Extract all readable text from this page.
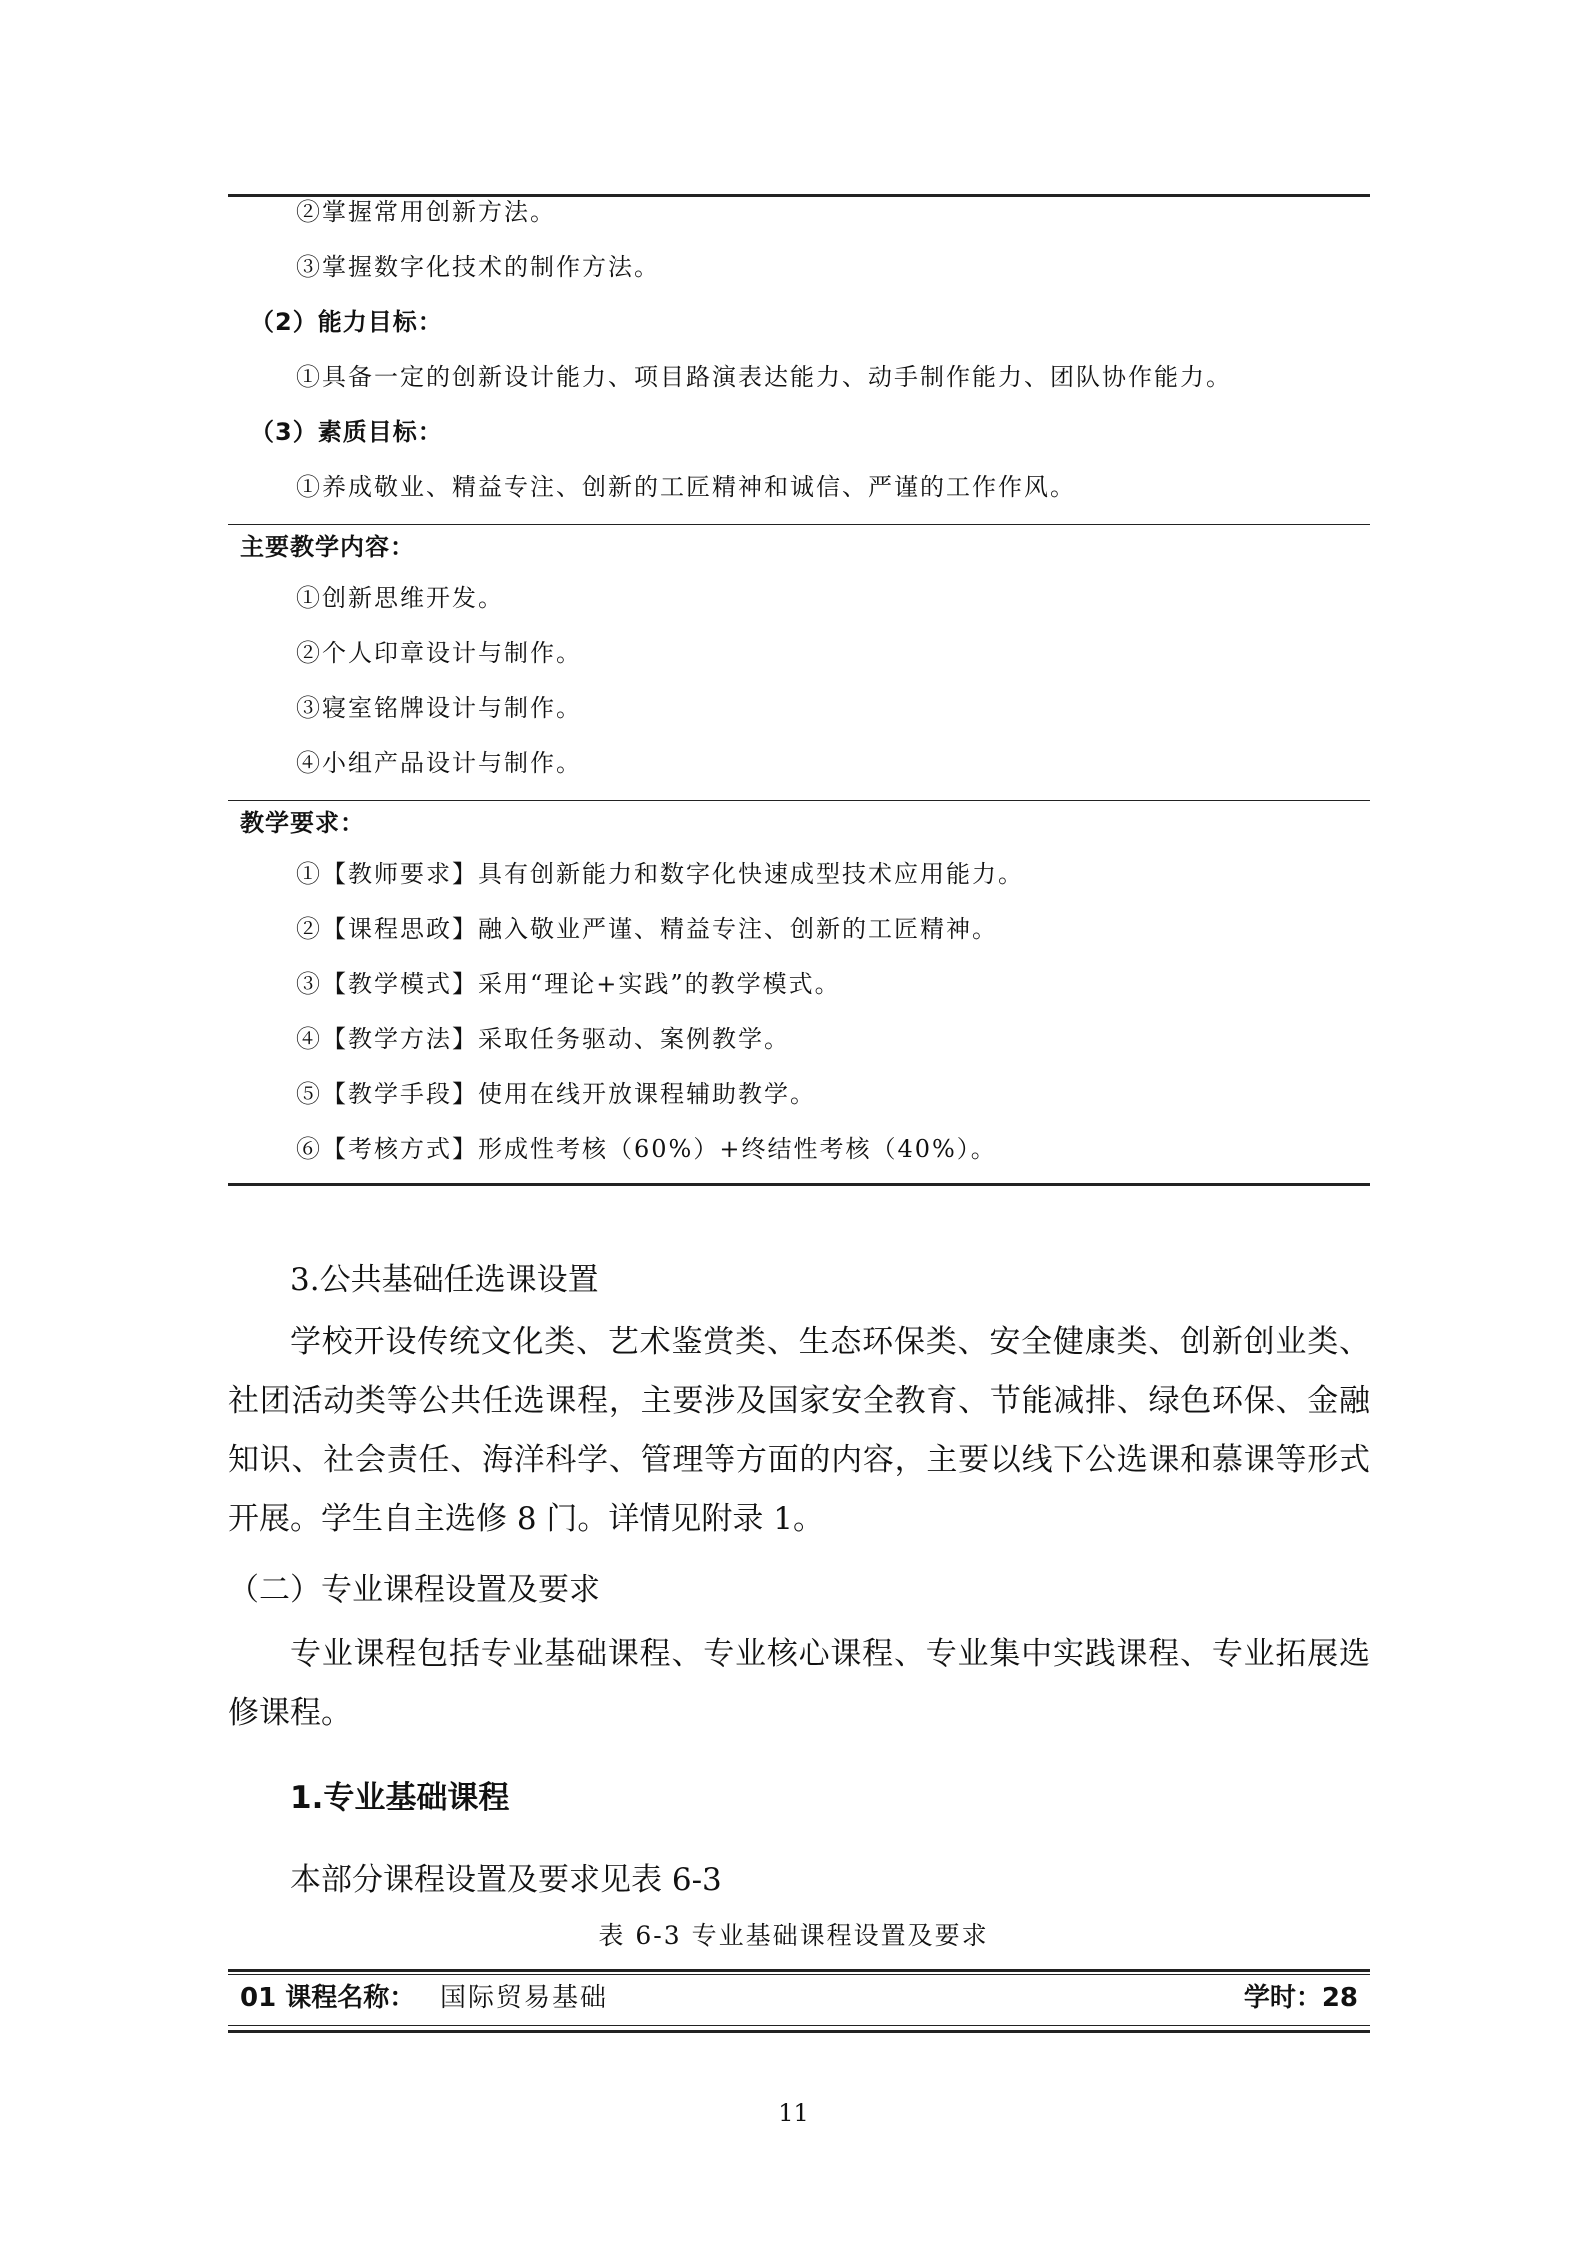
②掌握常用创新方法。
③掌握数字化技术的制作方法。
（2）能力目标：
①具备一定的创新设计能力、项目路演表达能力、动手制作能力、团队协作能力。
（3）素质目标：
①养成敬业、精益专注、创新的工匠精神和诚信、严谨的工作作风。
主要教学内容：
①创新思维开发。
②个人印章设计与制作。
③寝室铭牌设计与制作。
④小组产品设计与制作。
教学要求：
①【教师要求】具有创新能力和数字化快速成型技术应用能力。
②【课程思政】融入敬业严谨、精益专注、创新的工匠精神。
③【教学模式】采用“理论+实践”的教学模式。
④【教学方法】采取任务驱动、案例教学。
⑤【教学手段】使用在线开放课程辅助教学。
⑥【考核方式】形成性考核（60%）+终结性考核（40%）。
3.公共基础任选课设置

学校开设传统文化类、艺术鉴赏类、生态环保类、安全健康类、创新创业类、社团活动类等公共任选课程，主要涉及国家安全教育、节能减排、绿色环保、金融知识、社会责任、海洋科学、管理等方面的内容，主要以线下公选课和慕课等形式开展。学生自主选修 8 门。详情见附录 1。

（二）专业课程设置及要求

专业课程包括专业基础课程、专业核心课程、专业集中实践课程、专业拓展选修课程。

1.专业基础课程
本部分课程设置及要求见表 6-3
表 6-3 专业基础课程设置及要求
01 课程名称： 国际贸易基础	学时：28
11
